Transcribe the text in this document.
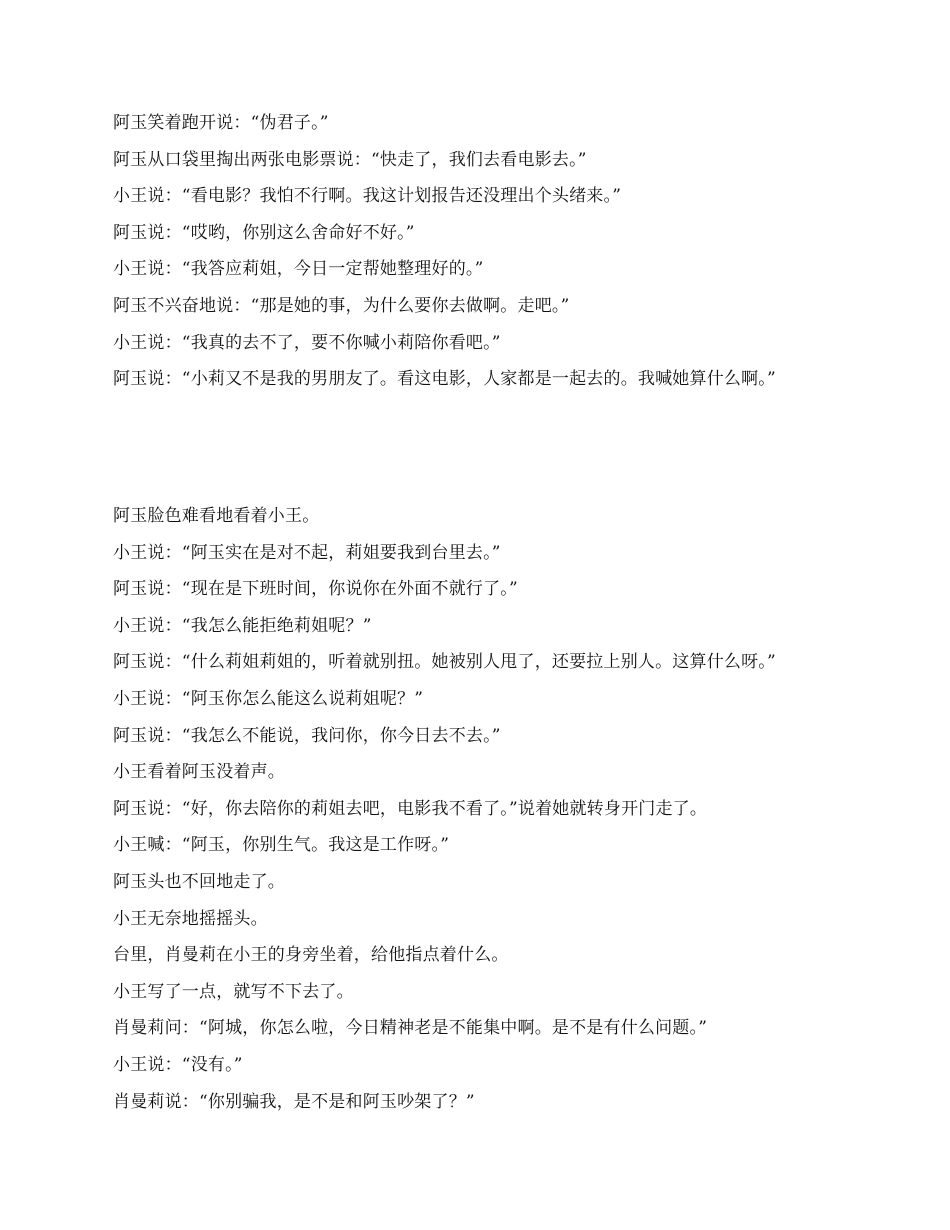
阿玉笑着跑开说：“伪君子。”
阿玉从口袋里掏出两张电影票说：“快走了，我们去看电影去。”
小王说：“看电影？我怕不行啊。我这计划报告还没理出个头绪来。”
阿玉说：“哎哟，你别这么舍命好不好。”
小王说：“我答应莉姐，今日一定帮她整理好的。”
阿玉不兴奋地说：“那是她的事，为什么要你去做啊。走吧。”
小王说：“我真的去不了，要不你喊小莉陪你看吧。”
阿玉说：“小莉又不是我的男朋友了。看这电影，人家都是一起去的。我喊她算什么啊。”
阿玉脸色难看地看着小王。
小王说：“阿玉实在是对不起，莉姐要我到台里去。”
阿玉说：“现在是下班时间，你说你在外面不就行了。”
小王说：“我怎么能拒绝莉姐呢？”
阿玉说：“什么莉姐莉姐的，听着就别扭。她被别人甩了，还要拉上别人。这算什么呀。”
小王说：“阿玉你怎么能这么说莉姐呢？”
阿玉说：“我怎么不能说，我问你，你今日去不去。”
小王看着阿玉没着声。
阿玉说：“好，你去陪你的莉姐去吧，电影我不看了。”说着她就转身开门走了。
小王喊：“阿玉，你别生气。我这是工作呀。”
阿玉头也不回地走了。
小王无奈地摇摇头。
台里，肖曼莉在小王的身旁坐着，给他指点着什么。
小王写了一点，就写不下去了。
肖曼莉问：“阿城，你怎么啦，今日精神老是不能集中啊。是不是有什么问题。”
小王说：“没有。”
肖曼莉说：“你别骗我，是不是和阿玉吵架了？”
